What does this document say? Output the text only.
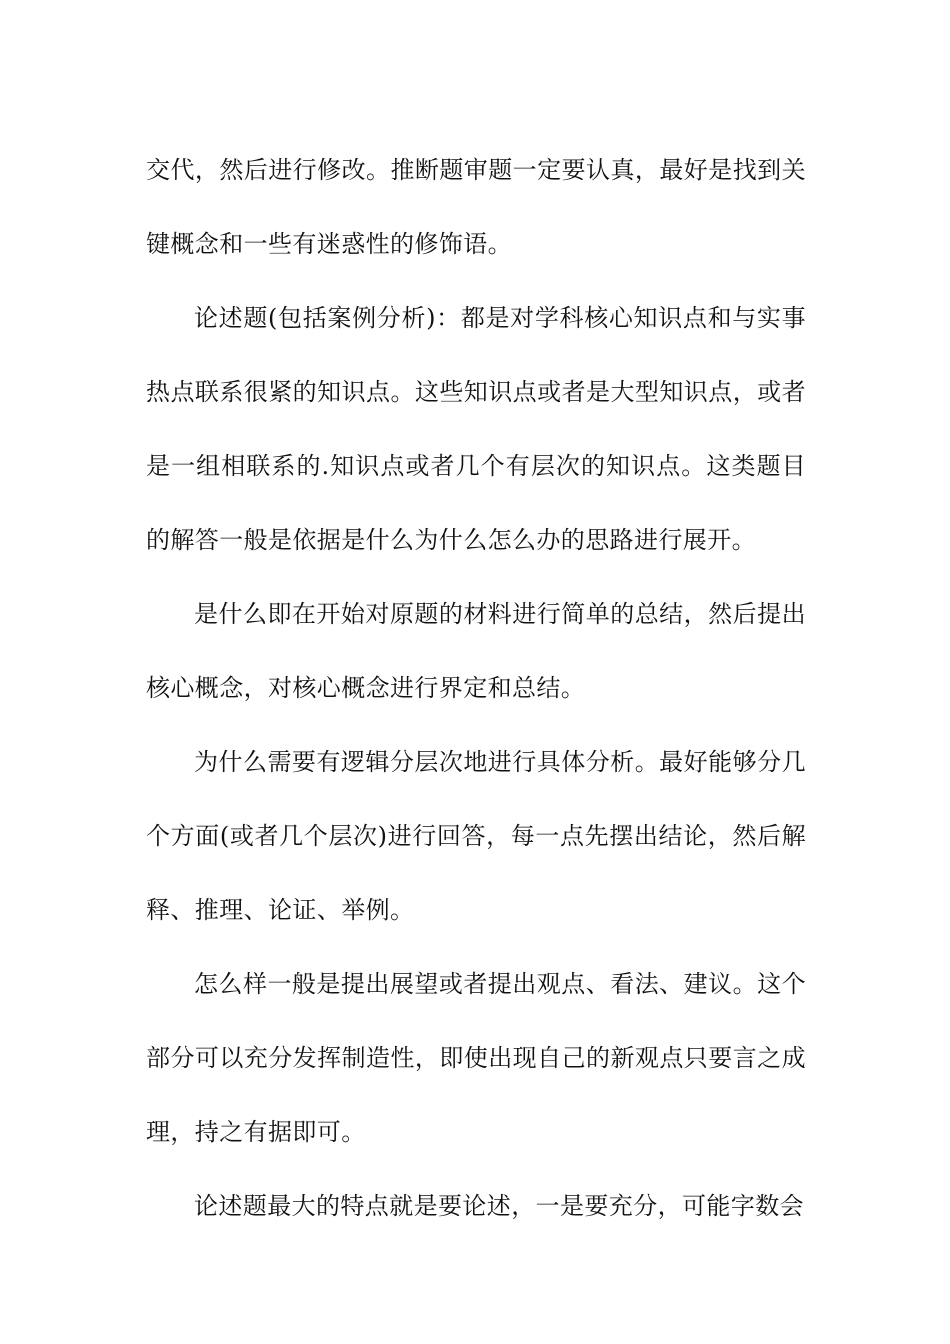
交代，然后进行修改。推断题审题一定要认真，最好是找到关键概念和一些有迷惑性的修饰语。

论述题(包括案例分析)：都是对学科核心知识点和与实事热点联系很紧的知识点。这些知识点或者是大型知识点，或者是一组相联系的.知识点或者几个有层次的知识点。这类题目的解答一般是依据是什么为什么怎么办的思路进行展开。

是什么即在开始对原题的材料进行简单的总结，然后提出核心概念，对核心概念进行界定和总结。

为什么需要有逻辑分层次地进行具体分析。最好能够分几个方面(或者几个层次)进行回答，每一点先摆出结论，然后解释、推理、论证、举例。

怎么样一般是提出展望或者提出观点、看法、建议。这个部分可以充分发挥制造性，即使出现自己的新观点只要言之成理，持之有据即可。

论述题最大的特点就是要论述，一是要充分，可能字数会
